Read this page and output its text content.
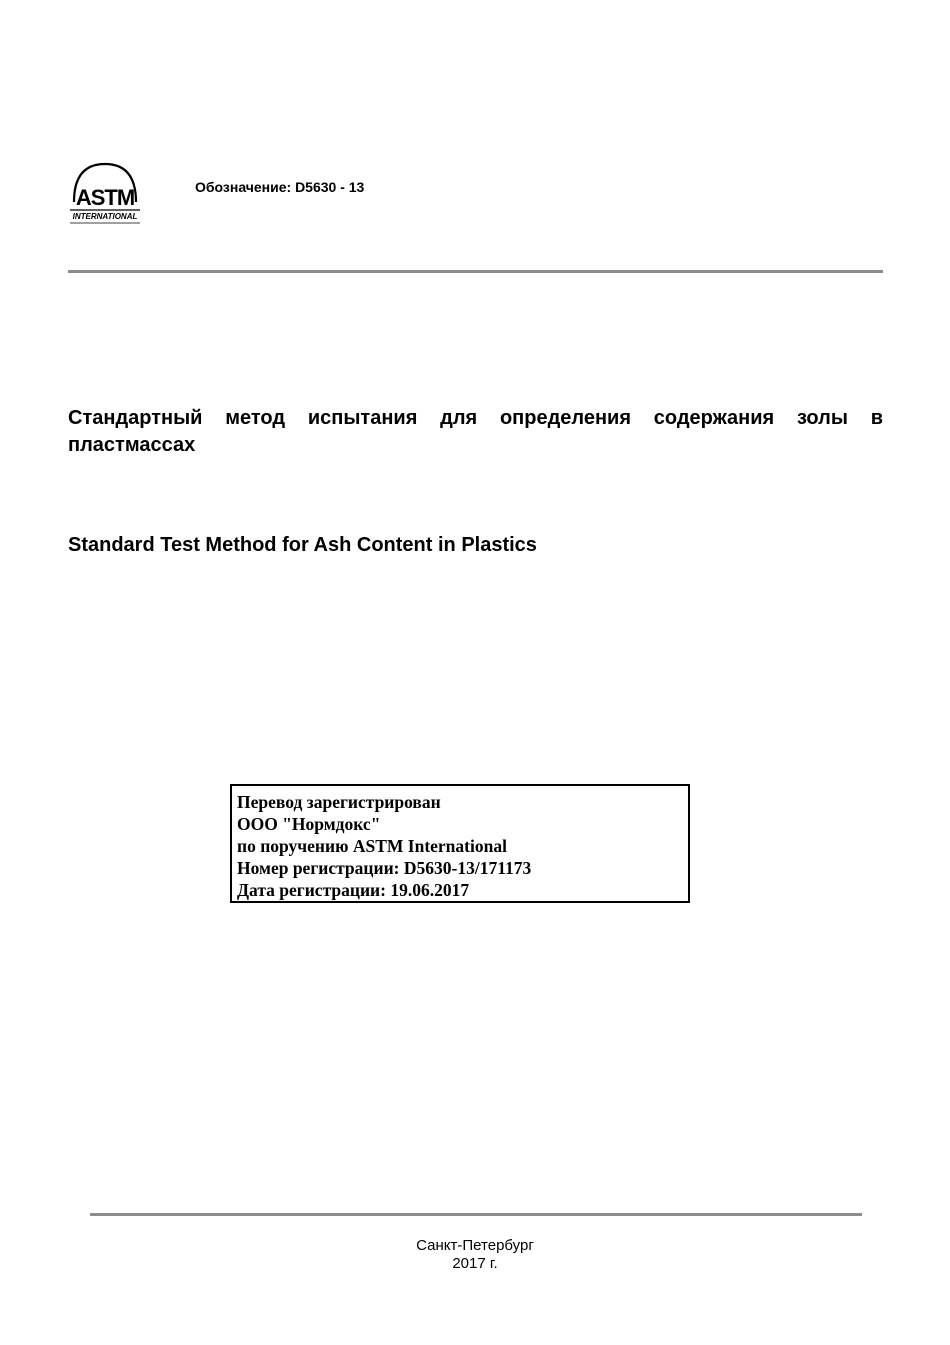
ASTM
INTERNATIONAL
Обозначение: D5630 - 13
Стандартный метод испытания для определения содержания золы в пластмассах
Standard Test Method for Ash Content in Plastics
Перевод зарегистрирован
ООО "Нормдокс"
по поручению ASTM International
Номер регистрации: D5630-13/171173
Дата регистрации: 19.06.2017
Санкт-Петербург
2017 г.
